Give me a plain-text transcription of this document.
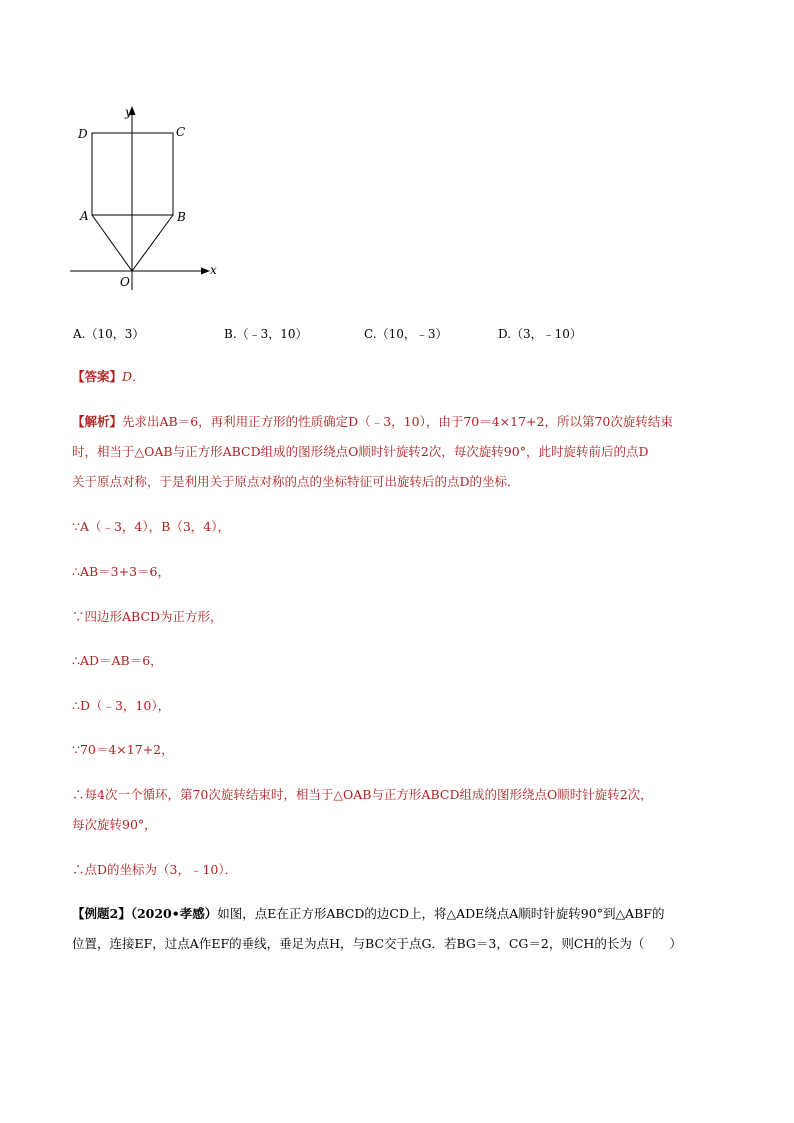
y
x
D	C
A	B
O
A.（10，3）	B.（﹣3，10）	C.（10，﹣3）	D.（3，﹣10）
【答案】D．
【解析】先求出AB＝6，再利用正方形的性质确定D（﹣3，10），由于70＝4×17+2，所以第70次旋转结束
时，相当于△OAB与正方形ABCD组成的图形绕点O顺时针旋转2次，每次旋转90°，此时旋转前后的点D
关于原点对称，于是利用关于原点对称的点的坐标特征可出旋转后的点D的坐标．
∵A（﹣3，4），B（3，4），
∴AB＝3+3＝6，
∵四边形ABCD为正方形，
∴AD＝AB＝6，
∴D（﹣3，10），
∵70＝4×17+2，
∴每4次一个循环，第70次旋转结束时，相当于△OAB与正方形ABCD组成的图形绕点O顺时针旋转2次，
每次旋转90°，
∴点D的坐标为（3，﹣10）．
【例题2】（2020•孝感）如图，点E在正方形ABCD的边CD上，将△ADE绕点A顺时针旋转90°到△ABF的
位置，连接EF，过点A作EF的垂线，垂足为点H，与BC交于点G．若BG＝3，CG＝2，则CH的长为（　　）
